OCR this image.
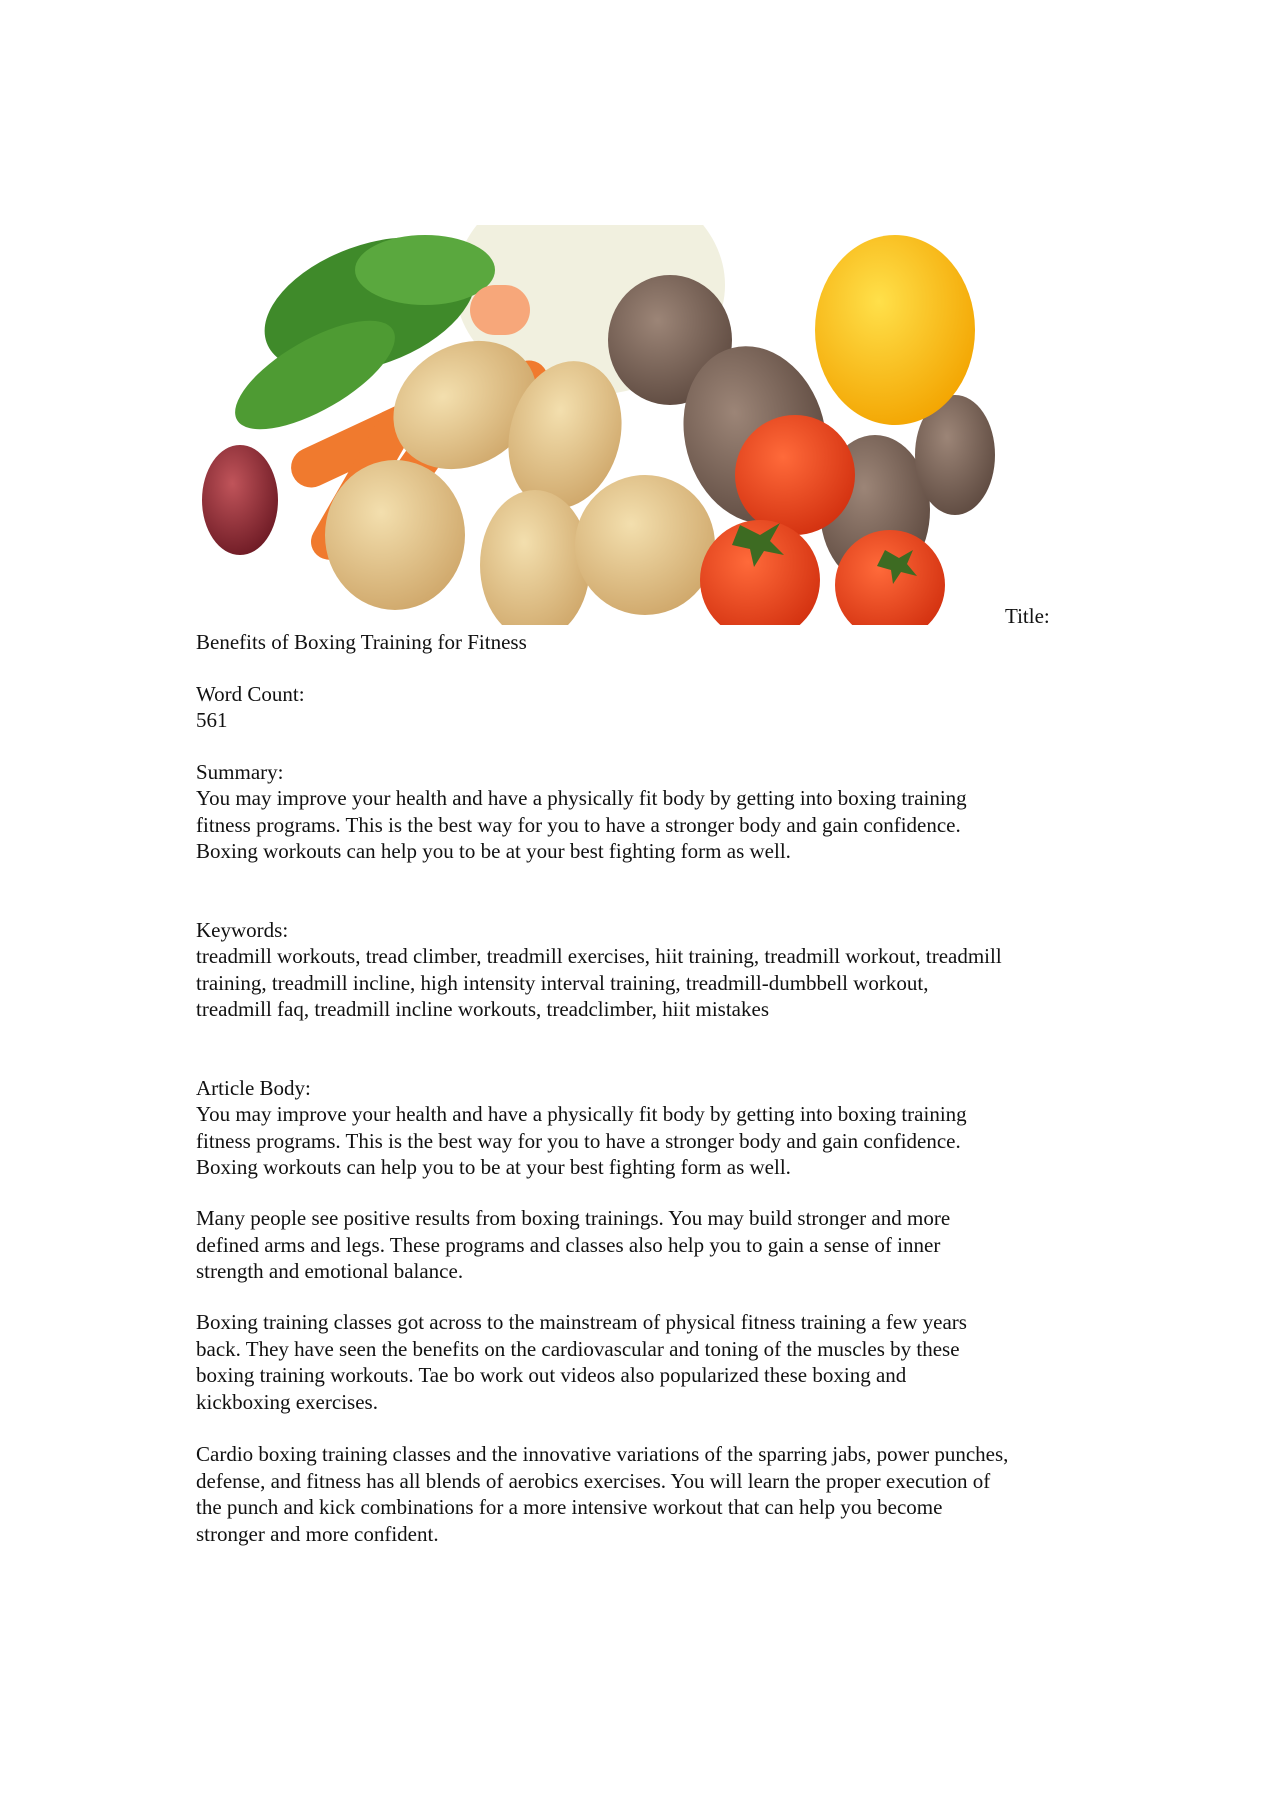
Title:
Benefits of Boxing Training for Fitness
Word Count:
561
Summary:
You may improve your health and have a physically fit body by getting into boxing training
fitness programs. This is the best way for you to have a stronger body and gain confidence.
Boxing workouts can help you to be at your best fighting form as well.
Keywords:
treadmill workouts, tread climber, treadmill exercises, hiit training, treadmill workout, treadmill
training, treadmill incline, high intensity interval training, treadmill-dumbbell workout,
treadmill faq, treadmill incline workouts, treadclimber, hiit mistakes
Article Body:
You may improve your health and have a physically fit body by getting into boxing training
fitness programs. This is the best way for you to have a stronger body and gain confidence.
Boxing workouts can help you to be at your best fighting form as well.
Many people see positive results from boxing trainings. You may build stronger and more
defined arms and legs. These programs and classes also help you to gain a sense of inner
strength and emotional balance.
Boxing training classes got across to the mainstream of physical fitness training a few years
back. They have seen the benefits on the cardiovascular and toning of the muscles by these
boxing training workouts. Tae bo work out videos also popularized these boxing and
kickboxing exercises.
Cardio boxing training classes and the innovative variations of the sparring jabs, power punches,
defense, and fitness has all blends of aerobics exercises. You will learn the proper execution of
the punch and kick combinations for a more intensive workout that can help you become
stronger and more confident.
